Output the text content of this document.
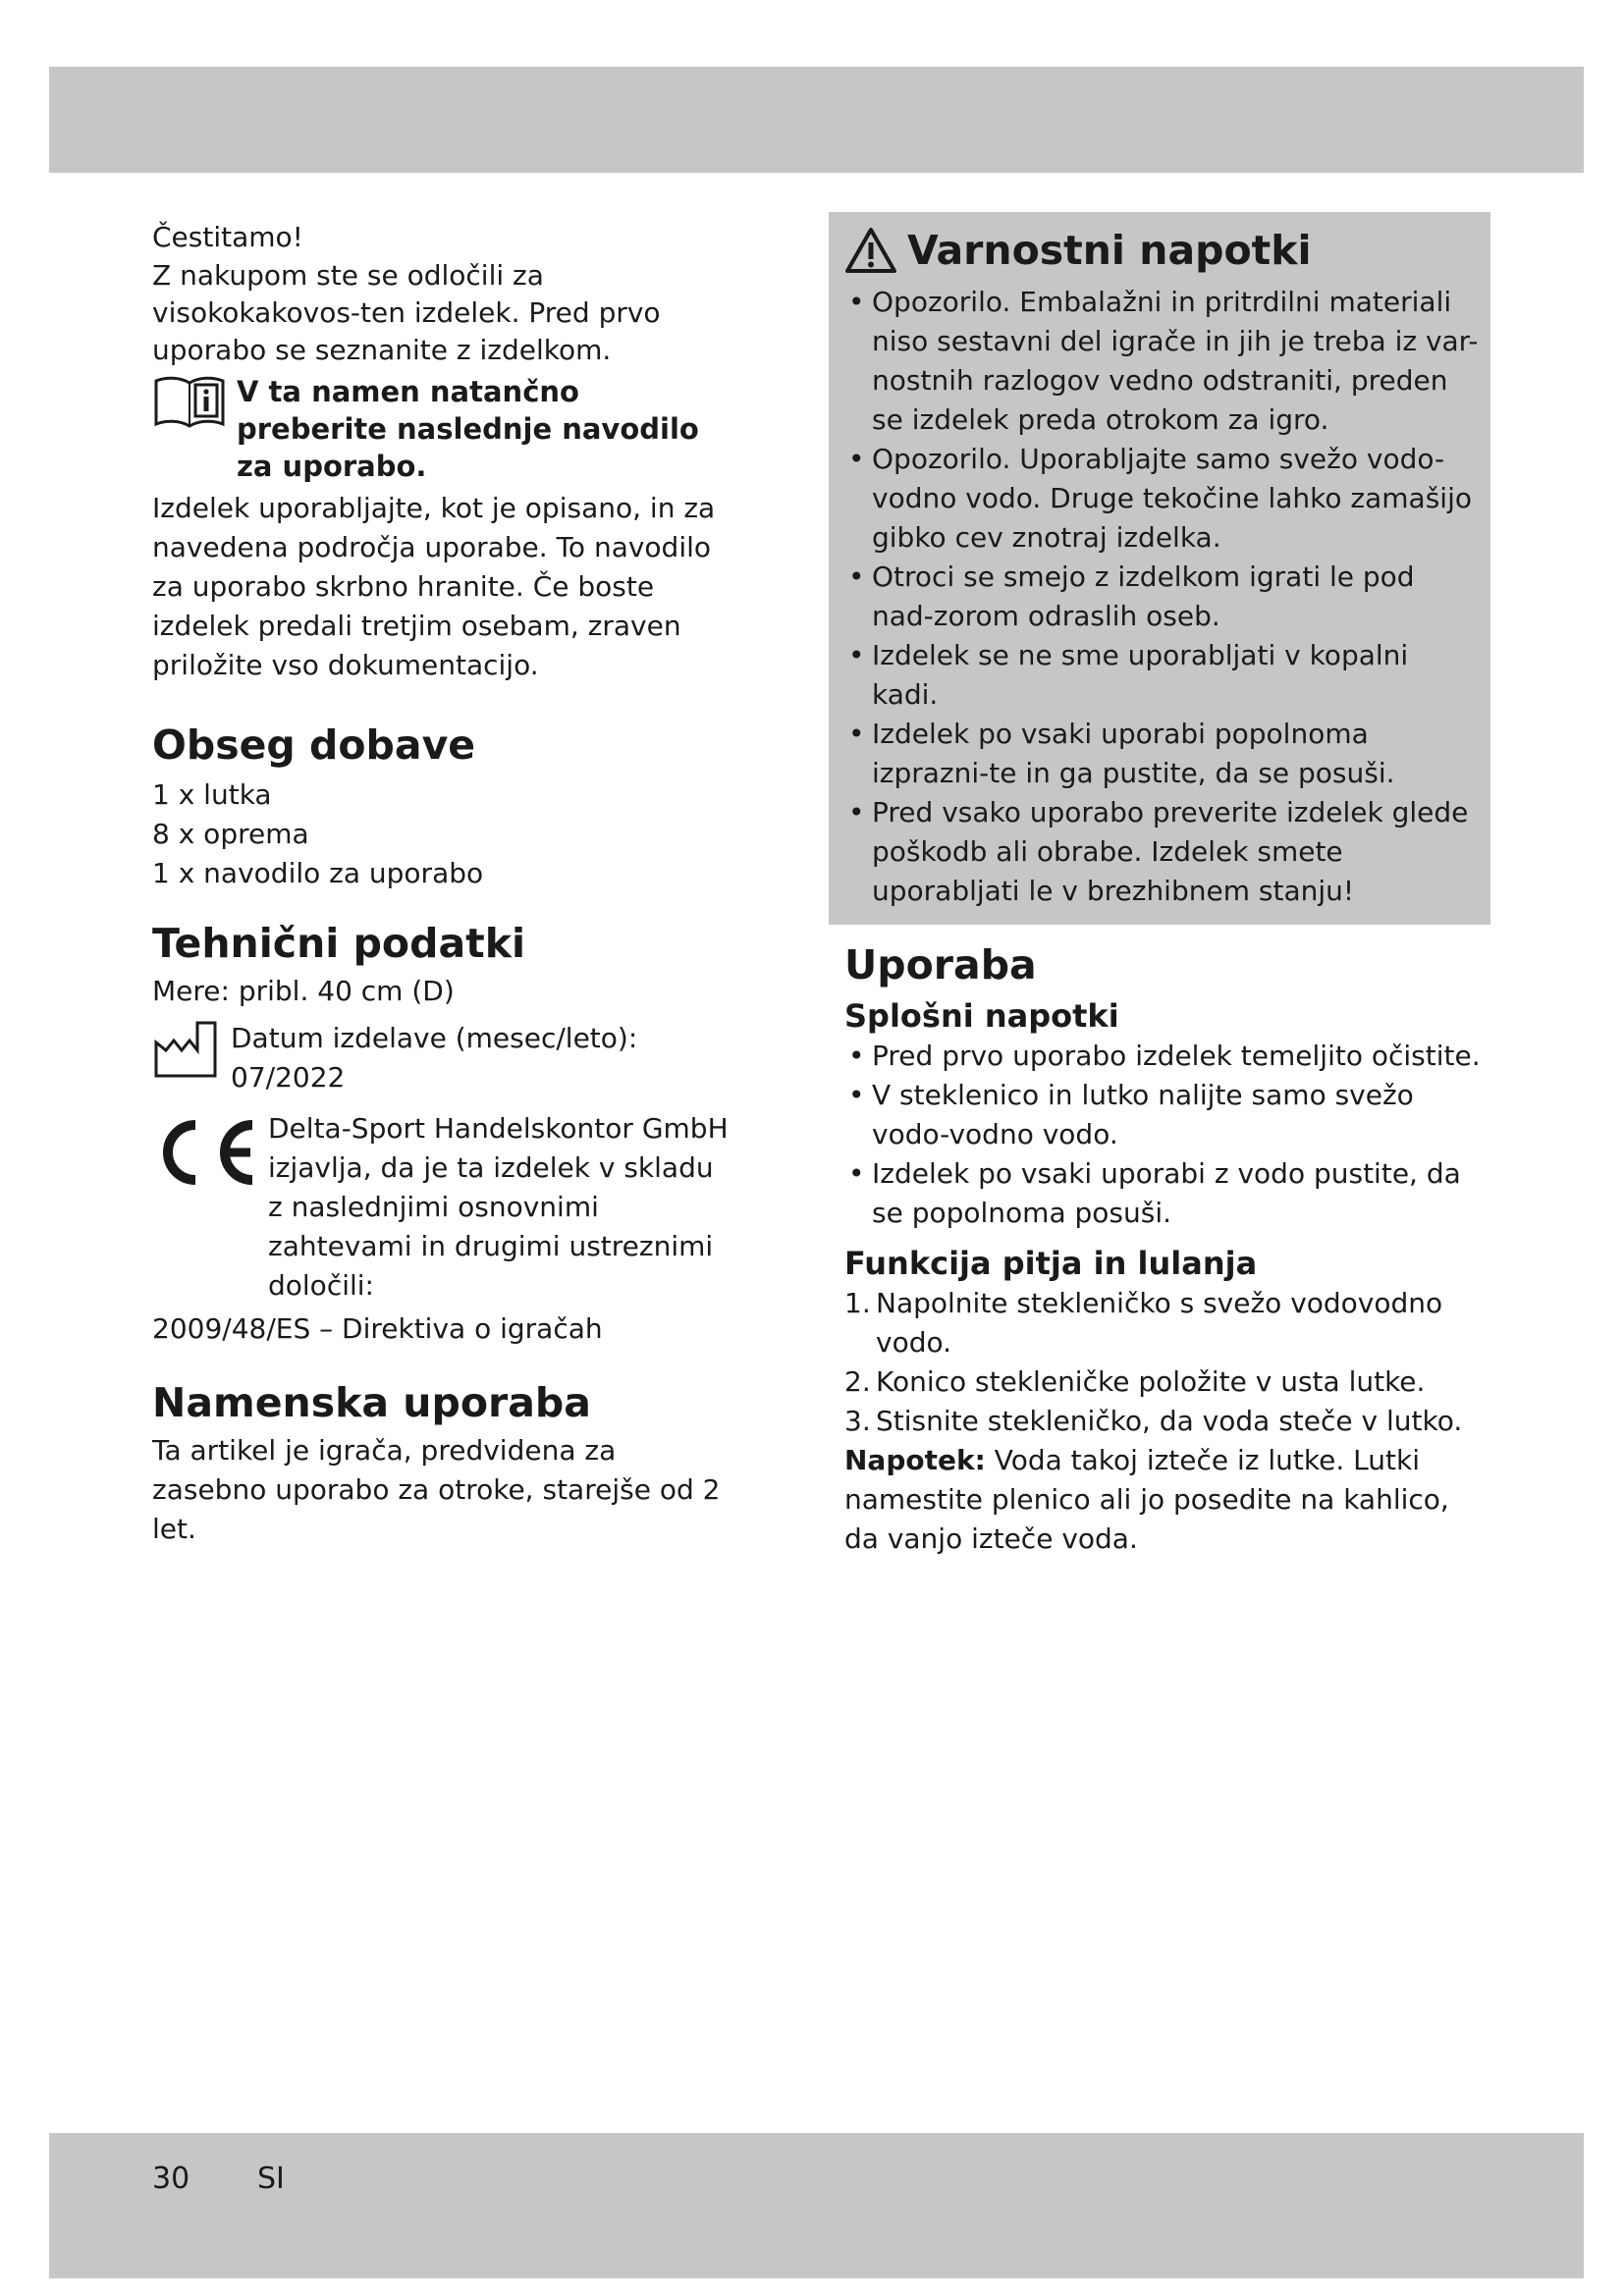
Čestitamo!

Z nakupom ste se odločili za visokokakovos-ten izdelek. Pred prvo uporabo se seznanite z izdelkom.

V ta namen natančno preberite naslednje navodilo za uporabo.

Izdelek uporabljajte, kot je opisano, in za navedena področja uporabe. To navodilo za uporabo skrbno hranite. Če boste izdelek predali tretjim osebam, zraven priložite vso dokumentacijo.

Obseg dobave
1 x lutka
8 x oprema
1 x navodilo za uporabo
Tehnični podatki

Mere: pribl. 40 cm (D)

Datum izdelave (mesec/leto):

07/2022

Delta-Sport Handelskontor GmbH izjavlja, da je ta izdelek v skladu z naslednjimi osnovnimi zahtevami in drugimi ustreznimi določili:

2009/48/ES – Direktiva o igračah

Namenska uporaba

Ta artikel je igrača, predvidena za zasebno uporabo za otroke, starejše od 2 let.

Varnostni napotki
• Opozorilo. Embalažni in pritrdilni materiali niso sestavni del igrače in jih je treba iz var-nostnih razlogov vedno odstraniti, preden se izdelek preda otrokom za igro.
• Opozorilo. Uporabljajte samo svežo vodo-vodno vodo. Druge tekočine lahko zamašijo gibko cev znotraj izdelka.
• Otroci se smejo z izdelkom igrati le pod nad-zorom odraslih oseb.
• Izdelek se ne sme uporabljati v kopalni kadi.
• Izdelek po vsaki uporabi popolnoma izprazni-te in ga pustite, da se posuši.
• Pred vsako uporabo preverite izdelek glede poškodb ali obrabe. Izdelek smete uporabljati le v brezhibnem stanju!
Uporaba
Splošni napotki
• Pred prvo uporabo izdelek temeljito očistite.
• V steklenico in lutko nalijte samo svežo vodo-vodno vodo.
• Izdelek po vsaki uporabi z vodo pustite, da se popolnoma posuši.
Funkcija pitja in lulanja
1. Napolnite stekleničko s svežo vodovodno vodo.
2. Konico stekleničke položite v usta lutke.
3. Stisnite stekleničko, da voda steče v lutko.

Napotek: Voda takoj izteče iz lutke. Lutki namestite plenico ali jo posedite na kahlico, da vanjo izteče voda.

30 SI
